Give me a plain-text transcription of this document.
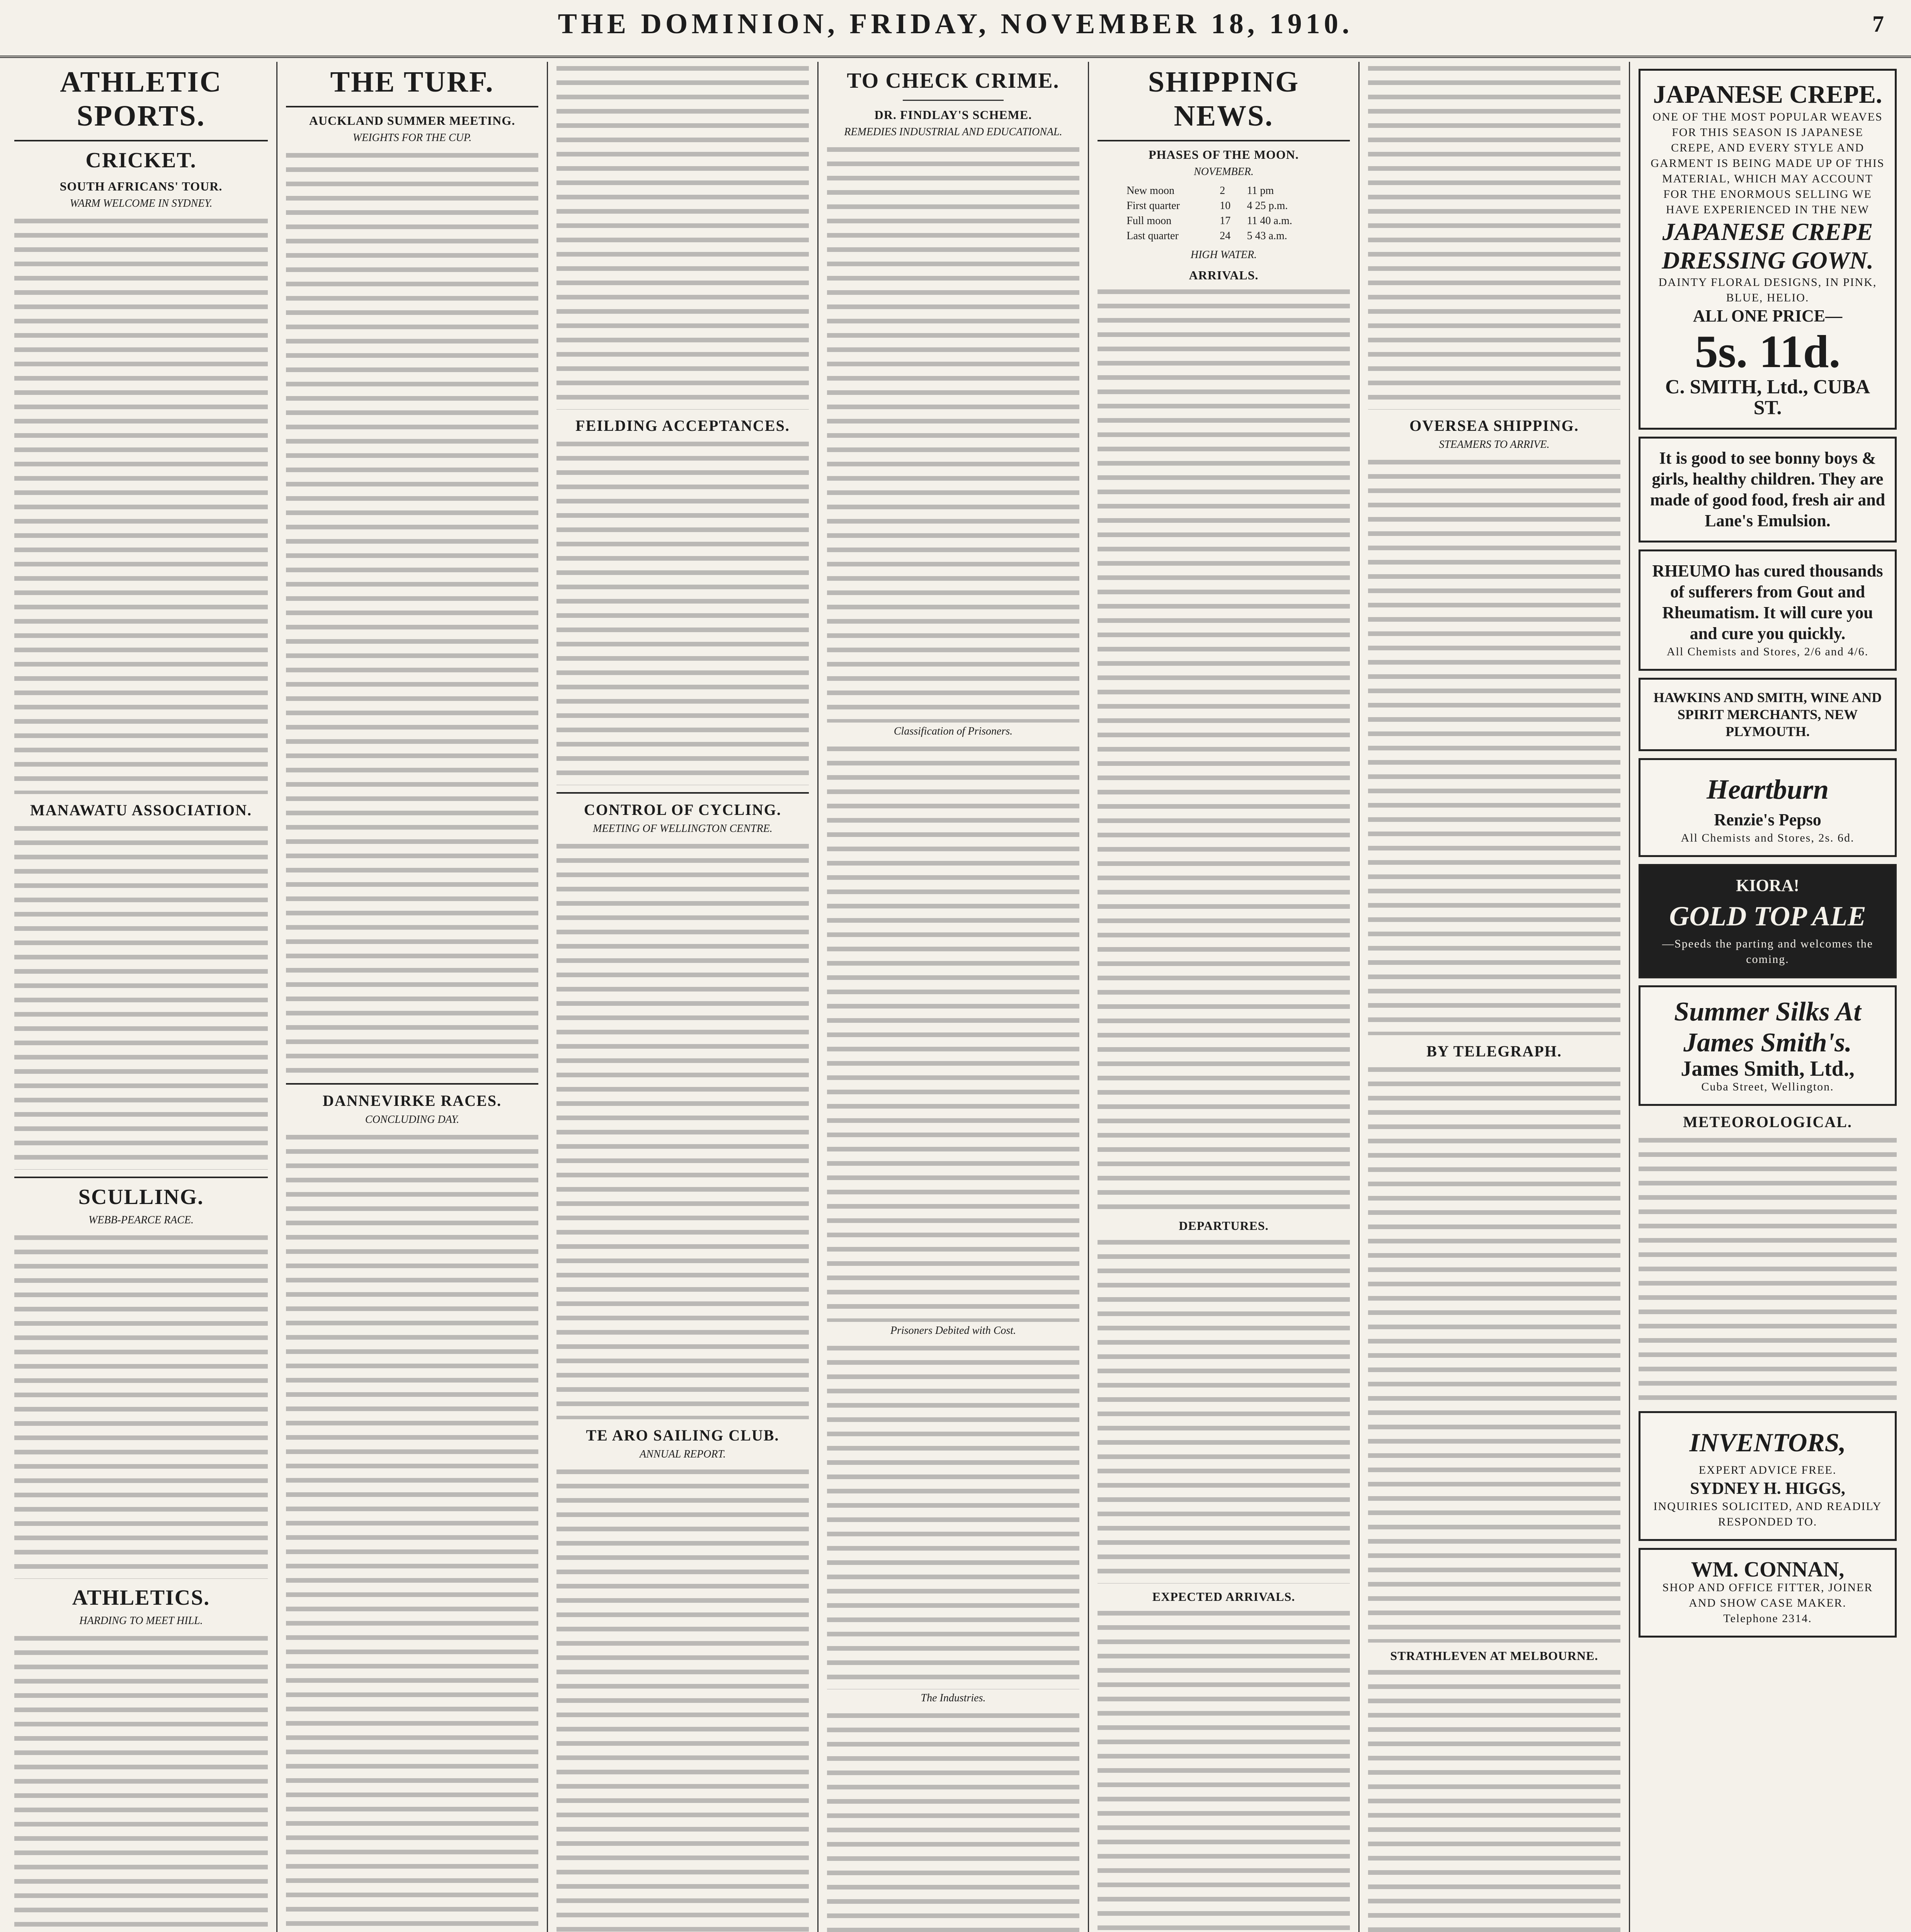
THE DOMINION, FRIDAY, NOVEMBER 18, 1910.	7
ATHLETIC SPORTS.
CRICKET.
SOUTH AFRICANS' TOUR.
WARM WELCOME IN SYDNEY.
MANAWATU ASSOCIATION.
SCULLING.
WEBB-PEARCE RACE.
ATHLETICS.
HARDING TO MEET HILL.
THE TURF.
AUCKLAND SUMMER MEETING.
WEIGHTS FOR THE CUP.
DANNEVIRKE RACES.
CONCLUDING DAY.
FEILDING ACCEPTANCES.
CONTROL OF CYCLING.
MEETING OF WELLINGTON CENTRE.
TE ARO SAILING CLUB.
ANNUAL REPORT.
TO CHECK CRIME.
DR. FINDLAY'S SCHEME.
REMEDIES INDUSTRIAL AND EDUCATIONAL.
Classification of Prisoners.
Prisoners Debited with Cost.
The Industries.
SHIPPING NEWS.
PHASES OF THE MOON.
NOVEMBER.
New moon	2	11 pm
First quarter	10	4 25 p.m.
Full moon	17	11 40 a.m.
Last quarter	24	5 43 a.m.
HIGH WATER.
ARRIVALS.
DEPARTURES.
EXPECTED ARRIVALS.
OVERSEA SHIPPING.
STEAMERS TO ARRIVE.
BY TELEGRAPH.
STRATHLEVEN AT MELBOURNE.
JAPANESE CREPE.
ONE OF THE MOST POPULAR WEAVES FOR THIS SEASON IS JAPANESE CREPE, AND EVERY STYLE AND GARMENT IS BEING MADE UP OF THIS MATERIAL, WHICH MAY ACCOUNT FOR THE ENORMOUS SELLING WE HAVE EXPERIENCED IN THE NEW
JAPANESE CREPE DRESSING GOWN.
DAINTY FLORAL DESIGNS, IN PINK, BLUE, HELIO.
ALL ONE PRICE—
5s. 11d.
C. SMITH, Ltd., CUBA ST.
It is good to see bonny boys & girls, healthy children. They are made of good food, fresh air and Lane's Emulsion.
RHEUMO has cured thousands of sufferers from Gout and Rheumatism. It will cure you and cure you quickly.
All Chemists and Stores, 2/6 and 4/6.
HAWKINS AND SMITH, WINE AND SPIRIT MERCHANTS, NEW PLYMOUTH.
Heartburn
Renzie's Pepso
All Chemists and Stores, 2s. 6d.
KIORA!
GOLD TOP ALE
—Speeds the parting and welcomes the coming.
Summer Silks At James Smith's.
James Smith, Ltd.,
Cuba Street, Wellington.
METEOROLOGICAL.
INVENTORS,
EXPERT ADVICE FREE.
SYDNEY H. HIGGS,
INQUIRIES SOLICITED, AND READILY RESPONDED TO.
WM. CONNAN,
SHOP AND OFFICE FITTER, JOINER AND SHOW CASE MAKER.
Telephone 2314.
